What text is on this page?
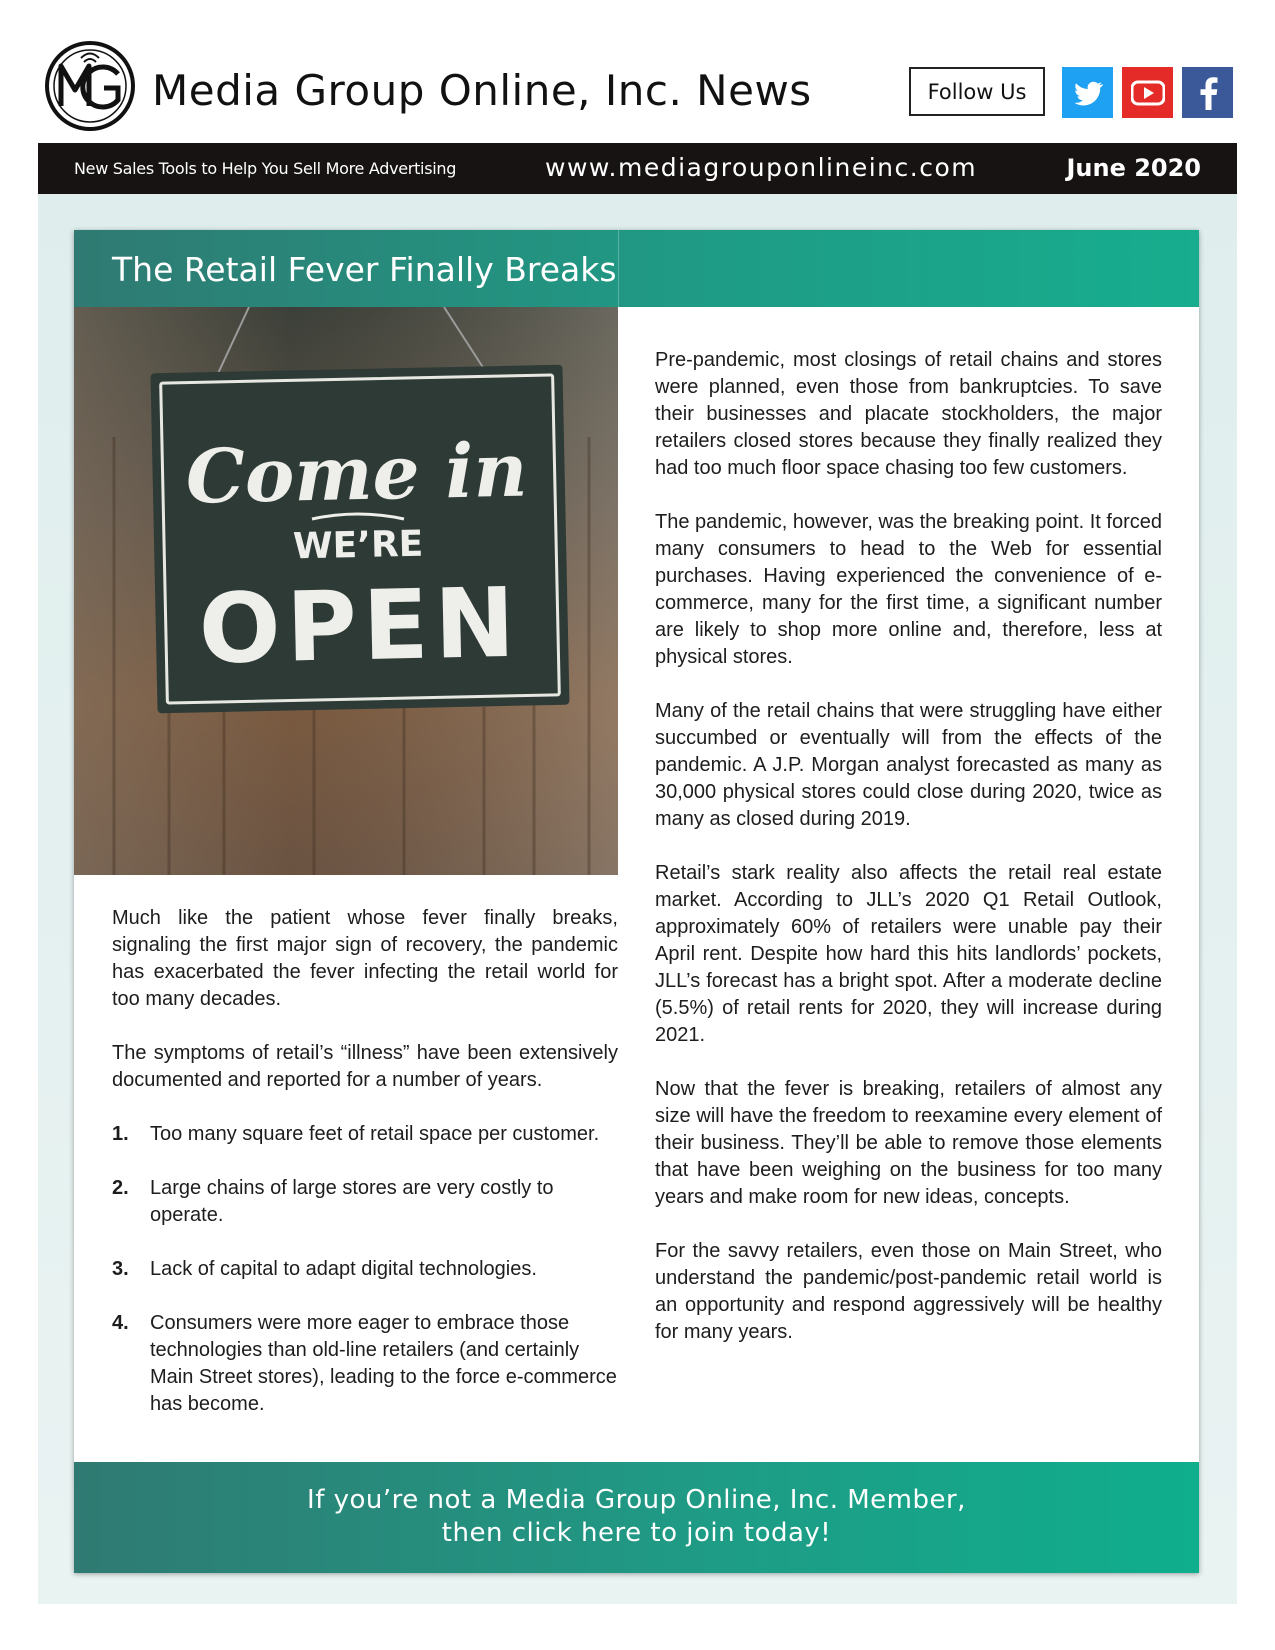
Media Group Online, Inc. News	Follow Us
New Sales Tools to Help You Sell More Advertising	www.mediagrouponlineinc.com	June 2020
The Retail Fever Finally Breaks
Come in
WE’RE
OPEN

Much like the patient whose fever finally breaks, signaling the first major sign of recovery, the pandemic has exacerbated the fever infecting the retail world for too many decades.

The symptoms of retail’s “illness” have been extensively documented and reported for a number of years.

1.	Too many square feet of retail space per customer.
2.	Large chains of large stores are very costly to operate.
3.	Lack of capital to adapt digital technologies.
4.	Consumers were more eager to embrace those technologies than old-line retailers (and certainly Main Street stores), leading to the force e-commerce has become.

Pre-pandemic, most closings of retail chains and stores were planned, even those from bankruptcies. To save their businesses and placate stockholders, the major retailers closed stores because they finally realized they had too much floor space chasing too few customers.

The pandemic, however, was the breaking point. It forced many consumers to head to the Web for essential purchases. Having experienced the convenience of e-commerce, many for the first time, a significant number are likely to shop more online and, therefore, less at physical stores.

Many of the retail chains that were struggling have either succumbed or eventually will from the effects of the pandemic. A J.P. Morgan analyst forecasted as many as 30,000 physical stores could close during 2020, twice as many as closed during 2019.

Retail’s stark reality also affects the retail real estate market. According to JLL’s 2020 Q1 Retail Outlook, approximately 60% of retailers were unable pay their April rent. Despite how hard this hits landlords’ pockets, JLL’s forecast has a bright spot. After a moderate decline (5.5%) of retail rents for 2020, they will increase during 2021.

Now that the fever is breaking, retailers of almost any size will have the freedom to reexamine every element of their business. They’ll be able to remove those elements that have been weighing on the business for too many years and make room for new ideas, concepts.

For the savvy retailers, even those on Main Street, who understand the pandemic/post-pandemic retail world is an opportunity and respond aggressively will be healthy for many years.

If you’re not a Media Group Online, Inc. Member,
then click here to join today!
